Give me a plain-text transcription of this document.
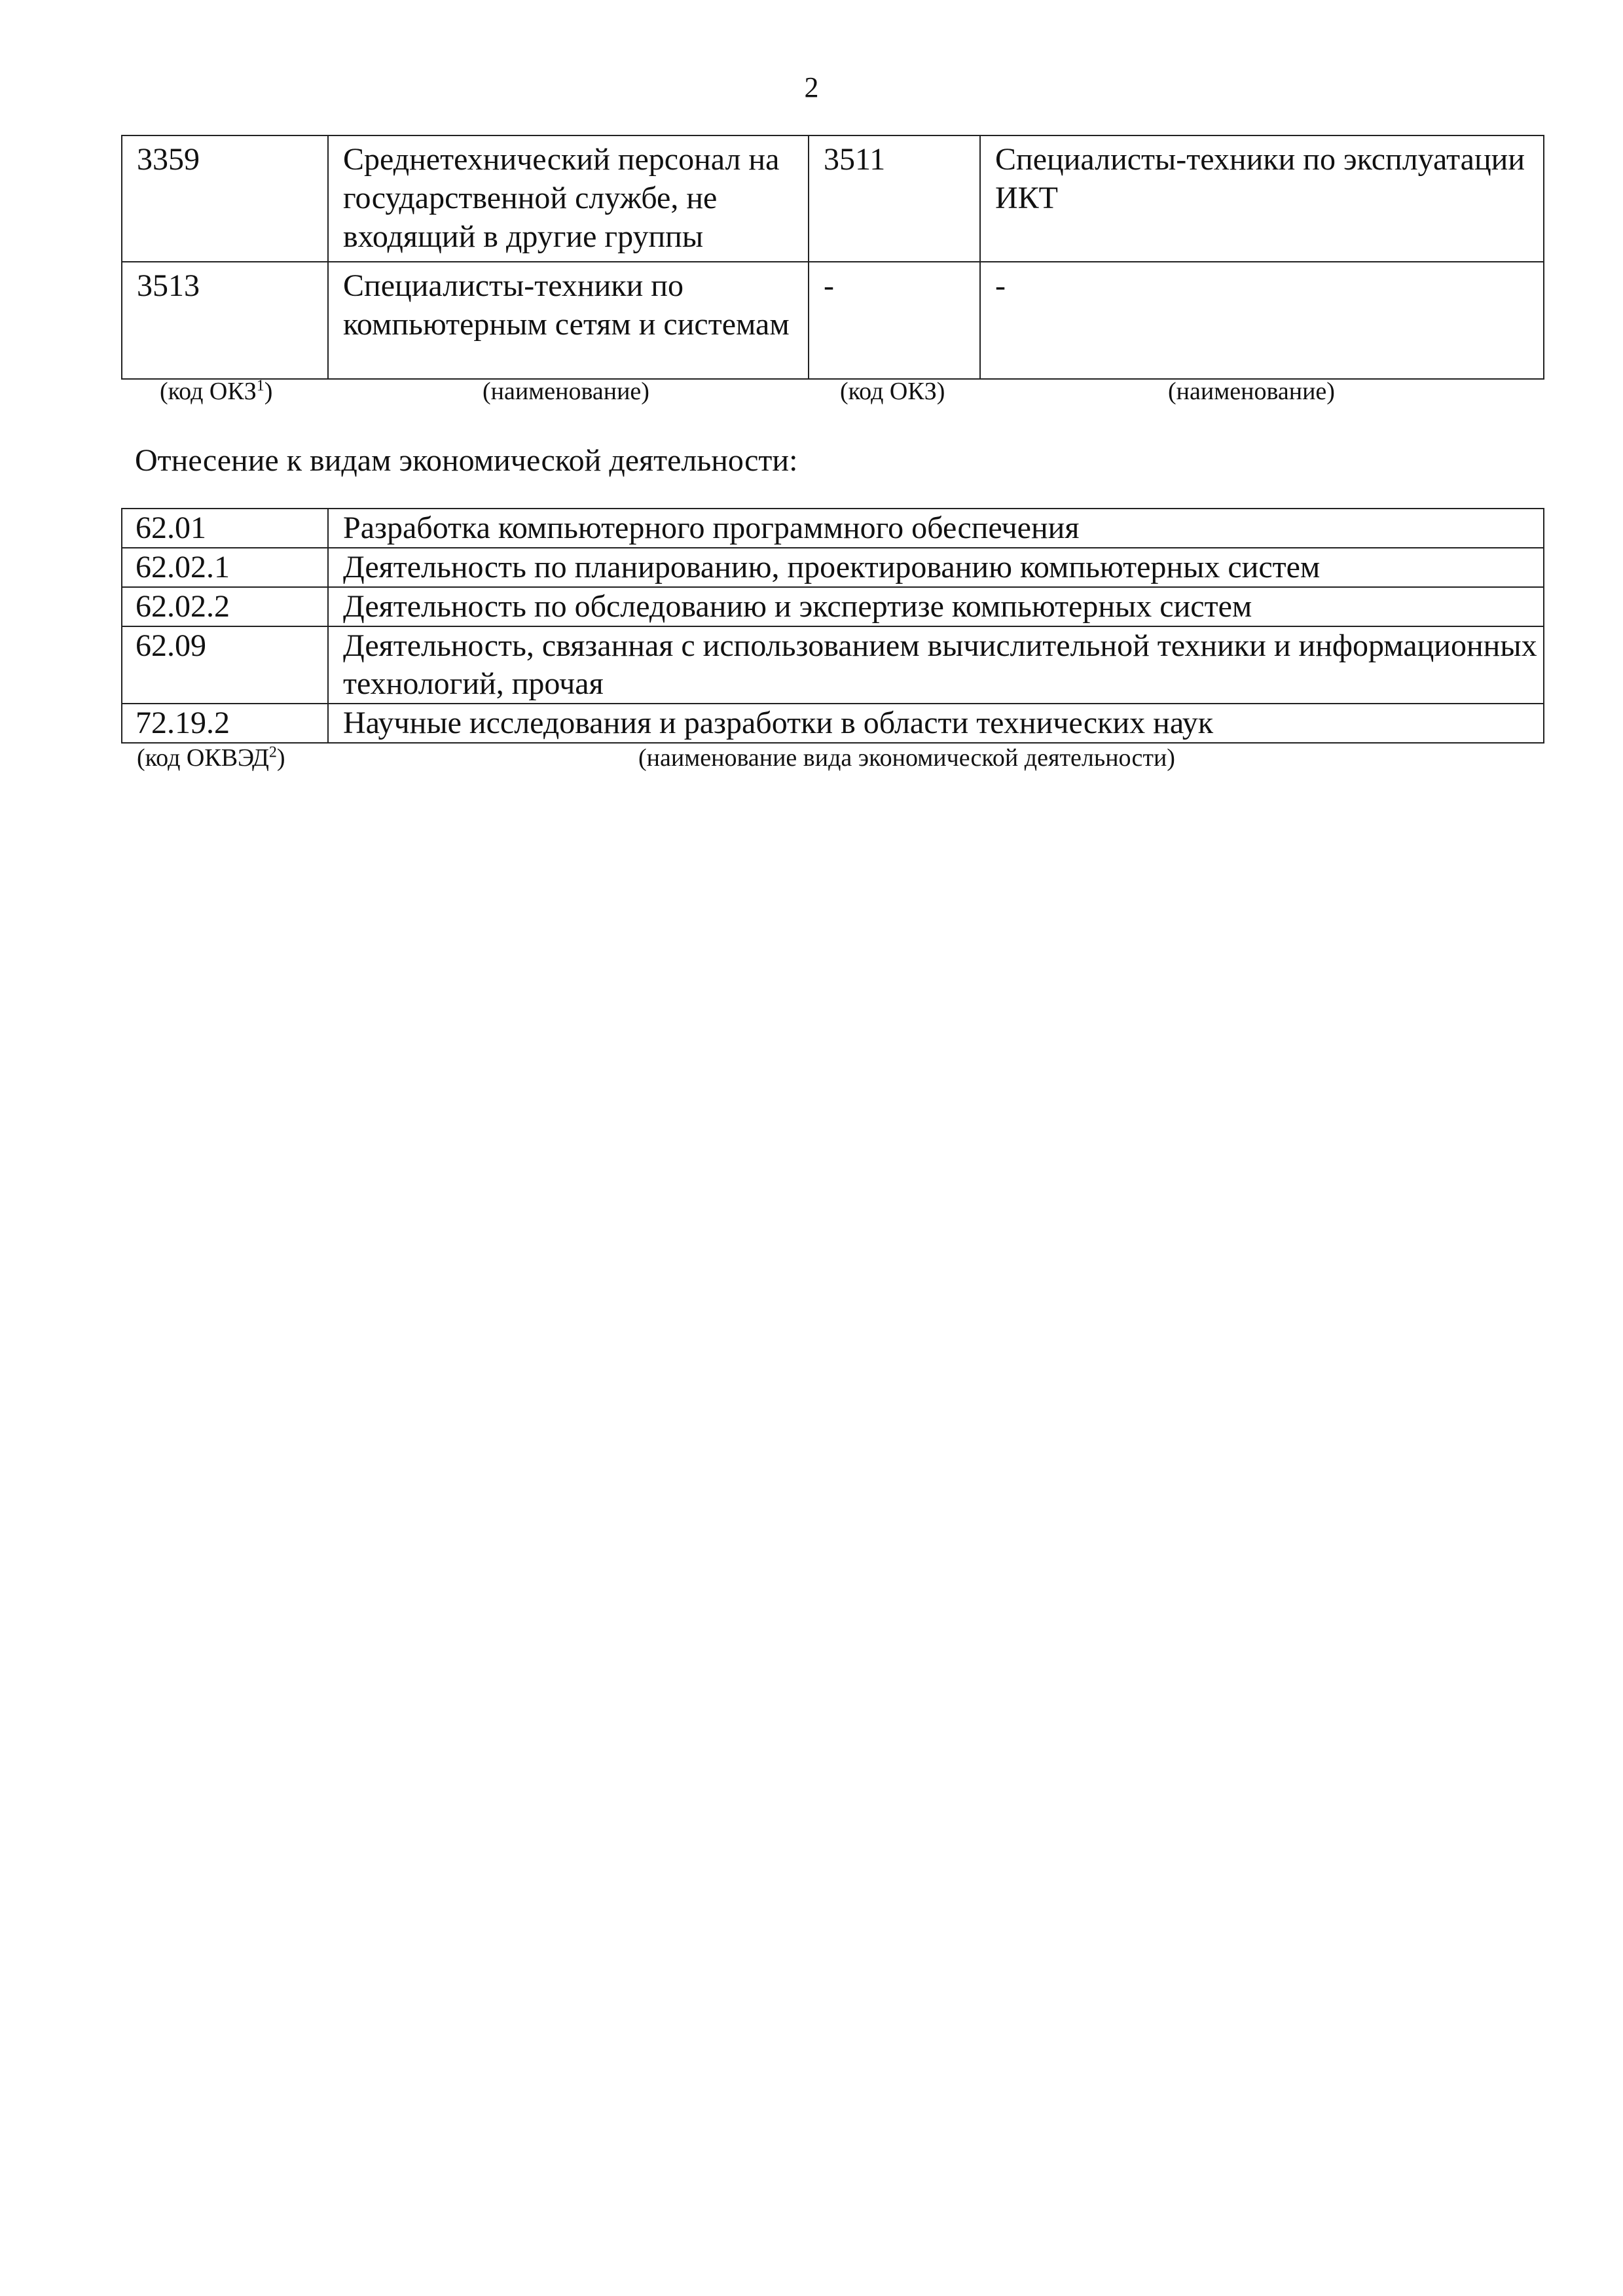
2
3359	Среднетехнический персонал на государственной службе, не входящий в другие группы	3511	Специалисты-техники по эксплуатации ИКТ
3513	Специалисты-техники по компьютерным сетям и системам	-	-
(код ОКЗ$^1$)	(наименование)	(код ОКЗ)	(наименование)
Отнесение к видам экономической деятельности:
62.01	Разработка компьютерного программного обеспечения
62.02.1	Деятельность по планированию, проектированию компьютерных систем
62.02.2	Деятельность по обследованию и экспертизе компьютерных систем
62.09	Деятельность, связанная с использованием вычислительной техники и информационных технологий, прочая
72.19.2	Научные исследования и разработки в области технических наук
(код ОКВЭД$^2$)	(наименование вида экономической деятельности)
